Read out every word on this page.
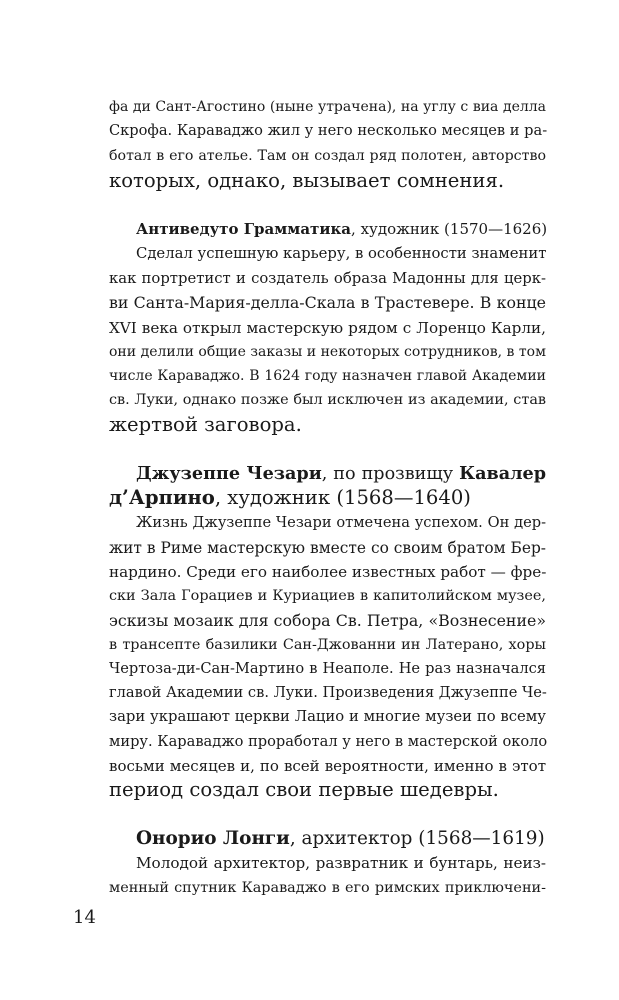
фа ди Сант-Агостино (ныне утрачена), на углу с виа делла
Скрофа. Караваджо жил у него несколько месяцев и ра-
ботал в его ателье. Там он создал ряд полотен, авторство
которых, однако, вызывает сомнения.
Антиведуто Грамматика, художник (1570—1626)
Сделал успешную карьеру, в особенности знаменит
как портретист и создатель образа Мадонны для церк-
ви Санта-Мария-делла-Скала в Трастевере. В конце
XVI века открыл мастерскую рядом с Лоренцо Карли,
они делили общие заказы и некоторых сотрудников, в том
числе Караваджо. В 1624 году назначен главой Академии
св. Луки, однако позже был исключен из академии, став
жертвой заговора.
Джузеппе Чезари, по прозвищу Кавалер
д’Арпино, художник (1568—1640)
Жизнь Джузеппе Чезари отмечена успехом. Он дер-
жит в Риме мастерскую вместе со своим братом Бер-
нардино. Среди его наиболее известных работ — фре-
ски Зала Горациев и Куриациев в капитолийском музее,
эскизы мозаик для собора Св. Петра, «Вознесение»
в трансепте базилики Сан-Джованни ин Латерано, хоры
Чертоза-ди-Сан-Мартино в Неаполе. Не раз назначался
главой Академии св. Луки. Произведения Джузеппе Че-
зари украшают церкви Лацио и многие музеи по всему
миру. Караваджо проработал у него в мастерской около
восьми месяцев и, по всей вероятности, именно в этот
период создал свои первые шедевры.
Онорио Лонги, архитектор (1568—1619)
Молодой архитектор, развратник и бунтарь, неиз-
менный спутник Караваджо в его римских приключени-
14
